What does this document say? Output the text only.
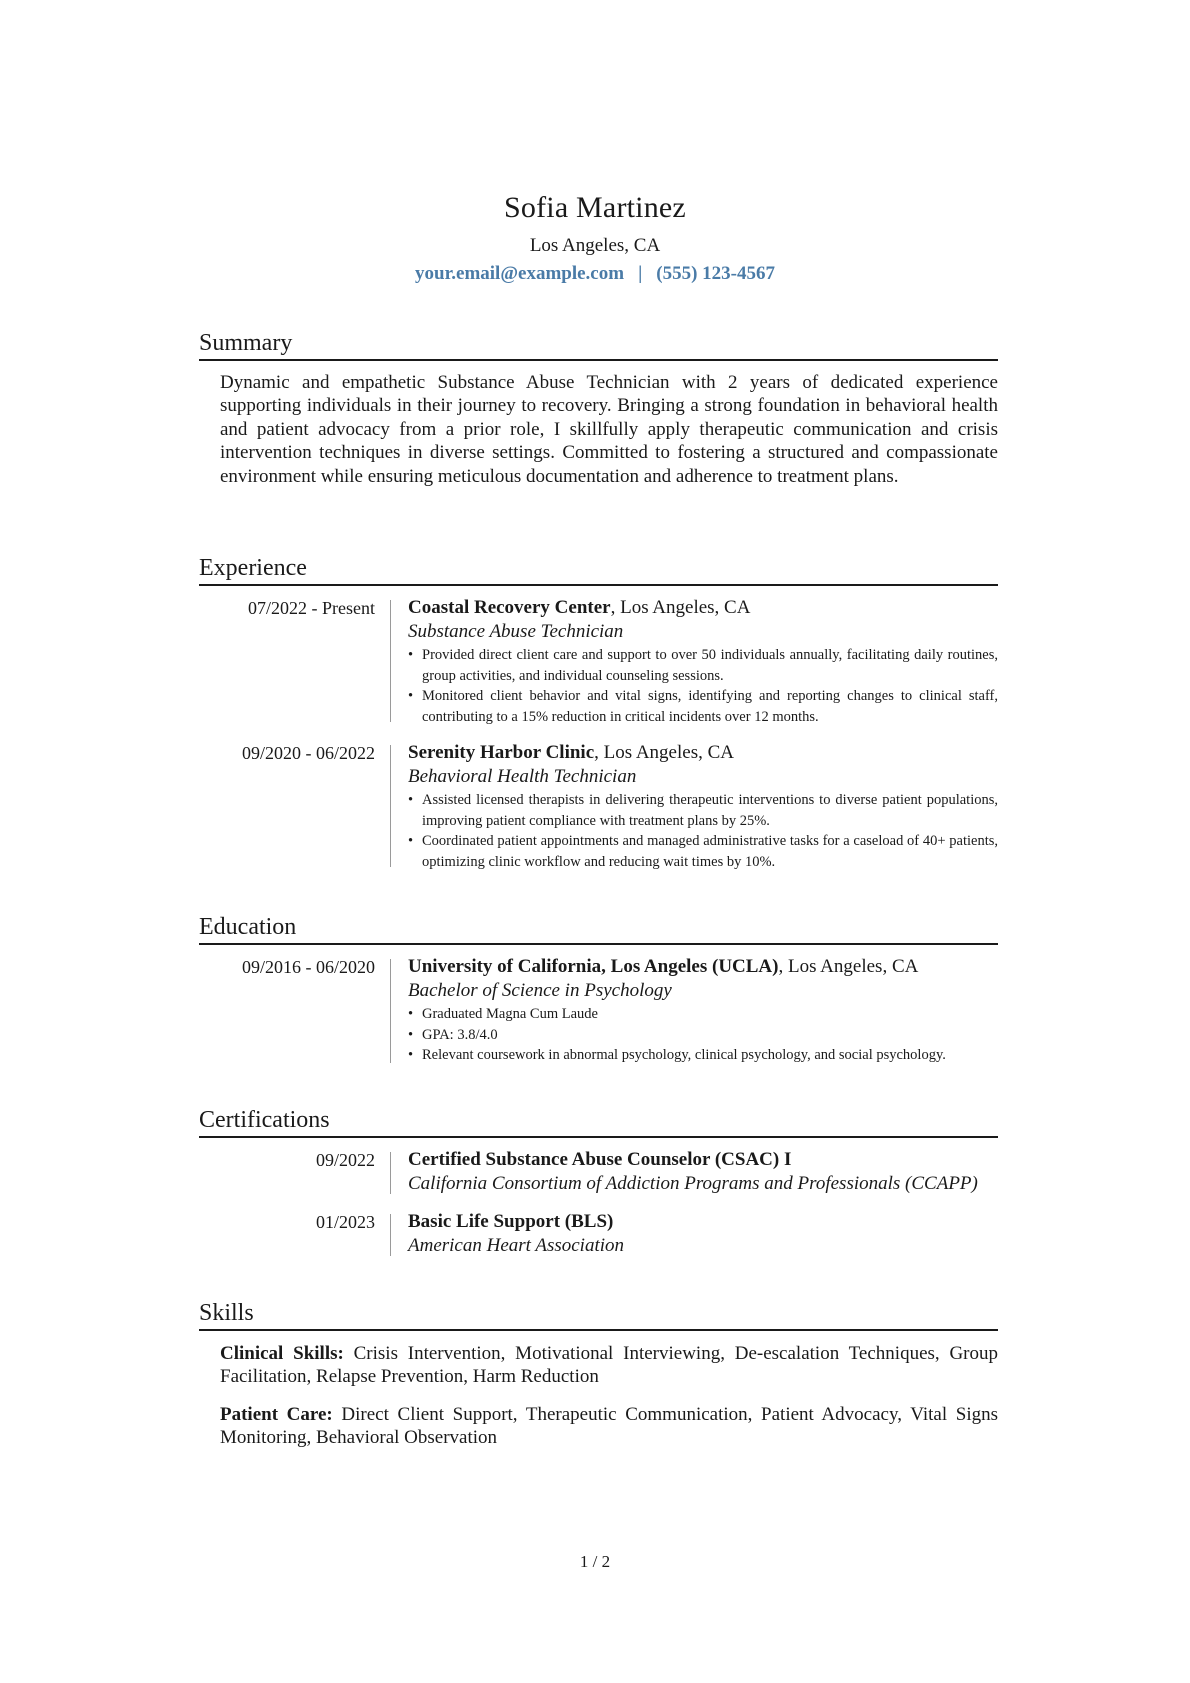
Sofia Martinez
Los Angeles, CA
your.email@example.com | (555) 123-4567
Summary
Dynamic and empathetic Substance Abuse Technician with 2 years of dedicated experience supporting individuals in their journey to recovery. Bringing a strong foundation in behavioral health and patient advocacy from a prior role, I skillfully apply therapeutic communication and crisis intervention techniques in diverse settings. Committed to fostering a structured and compassionate environment while ensuring meticulous documentation and adherence to treatment plans.
Experience
07/2022 - Present Coastal Recovery Center, Los Angeles, CA
Substance Abuse Technician
• Provided direct client care and support to over 50 individuals annually, facilitating daily routines, group activities, and individual counseling sessions.
• Monitored client behavior and vital signs, identifying and reporting changes to clinical staff, contributing to a 15% reduction in critical incidents over 12 months.
09/2020 - 06/2022 Serenity Harbor Clinic, Los Angeles, CA
Behavioral Health Technician
• Assisted licensed therapists in delivering therapeutic interventions to diverse patient populations, improving patient compliance with treatment plans by 25%.
• Coordinated patient appointments and managed administrative tasks for a caseload of 40+ patients, optimizing clinic workflow and reducing wait times by 10%.
Education
09/2016 - 06/2020 University of California, Los Angeles (UCLA), Los Angeles, CA
Bachelor of Science in Psychology
• Graduated Magna Cum Laude
• GPA: 3.8/4.0
• Relevant coursework in abnormal psychology, clinical psychology, and social psychology.
Certifications
09/2022 Certified Substance Abuse Counselor (CSAC) I
California Consortium of Addiction Programs and Professionals (CCAPP)
01/2023 Basic Life Support (BLS)
American Heart Association
Skills
Clinical Skills: Crisis Intervention, Motivational Interviewing, De-escalation Techniques, Group Facilitation, Relapse Prevention, Harm Reduction
Patient Care: Direct Client Support, Therapeutic Communication, Patient Advocacy, Vital Signs Monitoring, Behavioral Observation
1 / 2
